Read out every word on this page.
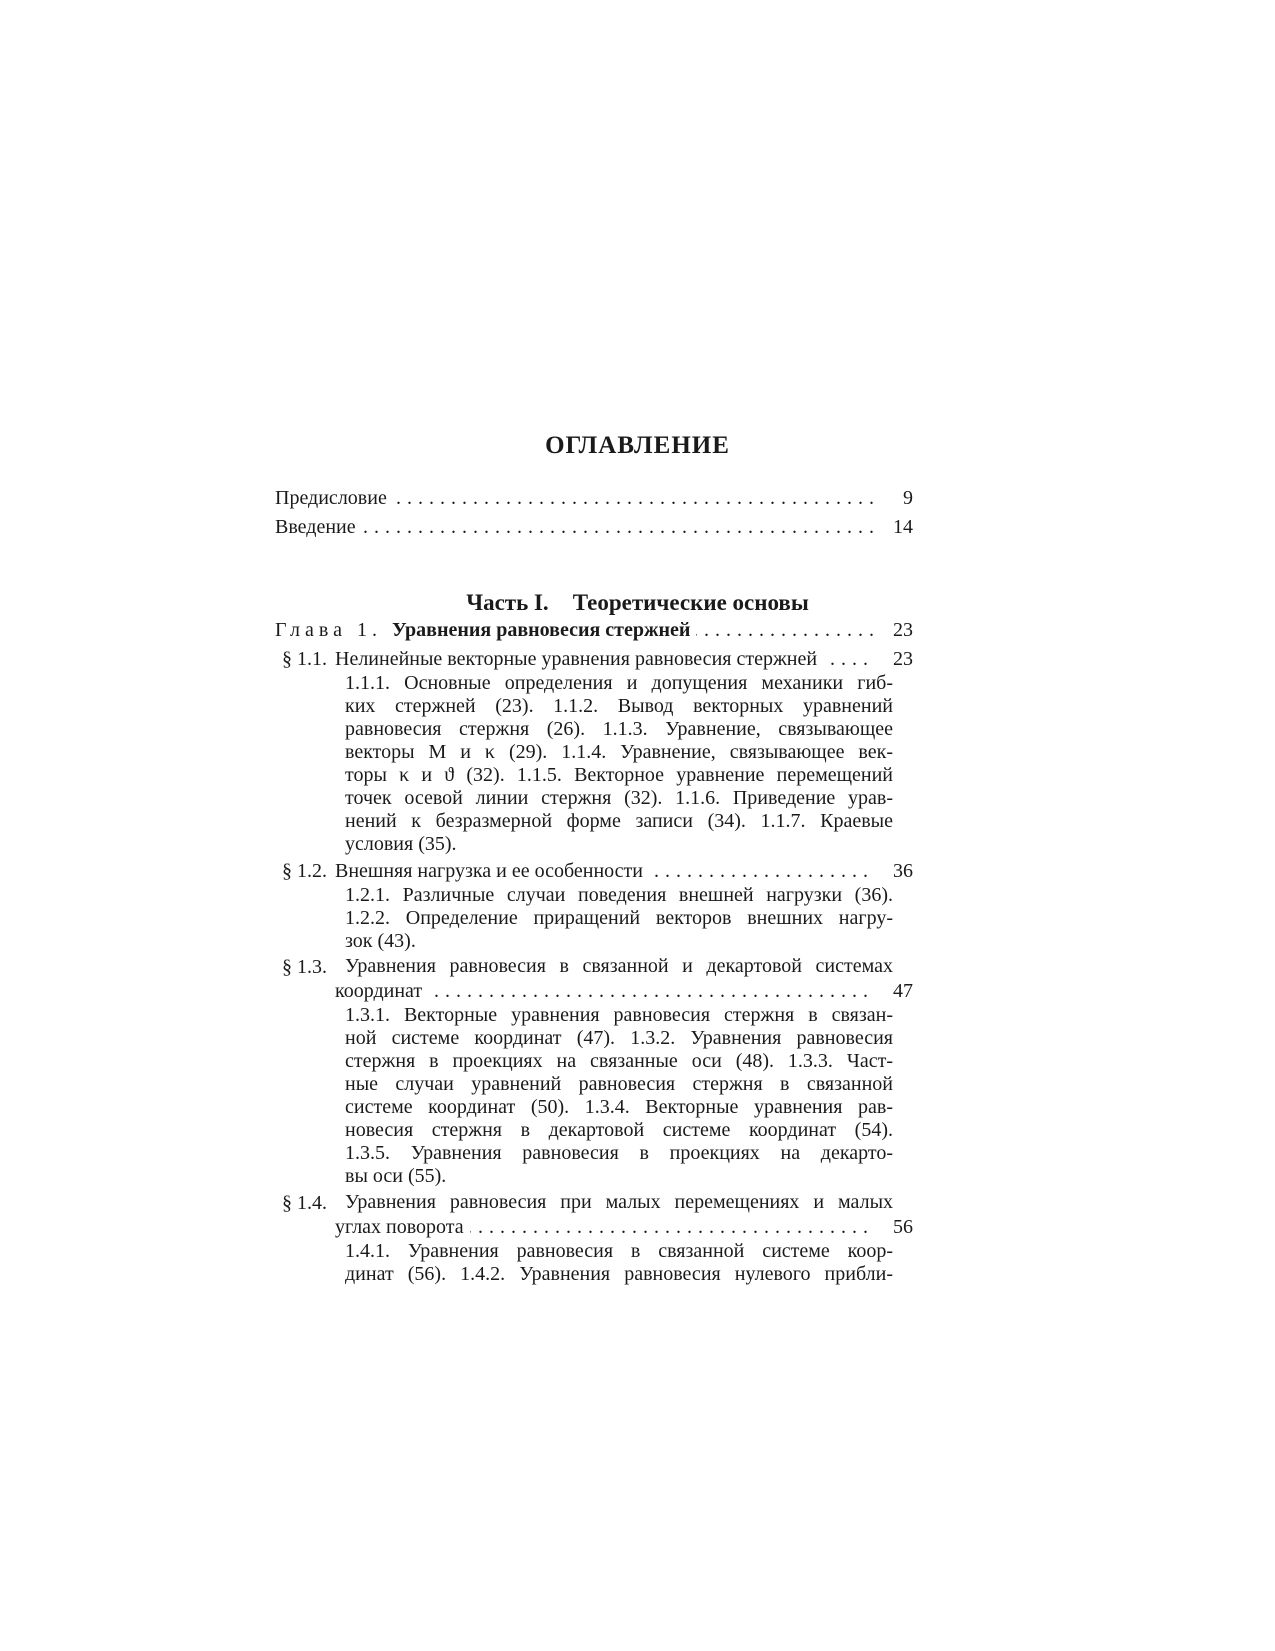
ОГЛАВЛЕНИЕ
. . .
Предисловие	9
. . .
Введение	14
Часть I. Теоретические основы
. . .
Глава 1. Уравнения равновесия стержней	23
§ 1.1. . . . Нелинейные векторные уравнения равновесия стержней	23
1.1.1. Основные определения и допущения механики гиб-
ких стержней (23). 1.1.2. Вывод векторных уравнений
равновесия стержня (26). 1.1.3. Уравнение, связывающее
векторы M и κ (29). 1.1.4. Уравнение, связывающее век-
торы κ и ϑ (32). 1.1.5. Векторное уравнение перемещений
точек осевой линии стержня (32). 1.1.6. Приведение урав-
нений к безразмерной форме записи (34). 1.1.7. Краевые
условия (35).
§ 1.2. . . . Внешняя нагрузка и ее особенности	36
1.2.1. Различные случаи поведения внешней нагрузки (36).
1.2.2. Определение приращений векторов внешних нагру-
зок (43).
§ 1.3. Уравнения равновесия в связанной и декартовой системах
. . .
координат	47
1.3.1. Векторные уравнения равновесия стержня в связан-
ной системе координат (47). 1.3.2. Уравнения равновесия
стержня в проекциях на связанные оси (48). 1.3.3. Част-
ные случаи уравнений равновесия стержня в связанной
системе координат (50). 1.3.4. Векторные уравнения рав-
новесия стержня в декартовой системе координат (54).
1.3.5. Уравнения равновесия в проекциях на декарто-
вы оси (55).
§ 1.4. Уравнения равновесия при малых перемещениях и малых
. . .
углах поворота	56
1.4.1. Уравнения равновесия в связанной системе коор-
динат (56). 1.4.2. Уравнения равновесия нулевого прибли-
